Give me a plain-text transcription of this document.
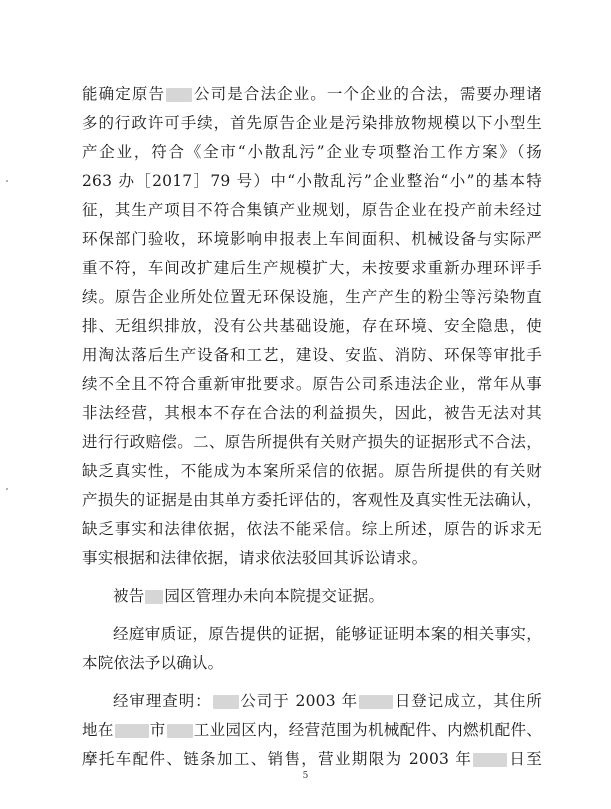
能确定原告 公司是合法企业。一个企业的合法，需要办理诸
多的行政许可手续，首先原告企业是污染排放物规模以下小型生
产企业，符合《全市“小散乱污”企业专项整治工作方案》（扬
263 办［2017］79 号）中“小散乱污”企业整治“小”的基本特
征，其生产项目不符合集镇产业规划，原告企业在投产前未经过
环保部门验收，环境影响申报表上车间面积、机械设备与实际严
重不符，车间改扩建后生产规模扩大，未按要求重新办理环评手
续。原告企业所处位置无环保设施，生产产生的粉尘等污染物直
排、无组织排放，没有公共基础设施，存在环境、安全隐患，使
用淘汰落后生产设备和工艺，建设、安监、消防、环保等审批手
续不全且不符合重新审批要求。原告公司系违法企业，常年从事
非法经营，其根本不存在合法的利益损失，因此，被告无法对其
进行行政赔偿。二、原告所提供有关财产损失的证据形式不合法，
缺乏真实性，不能成为本案所采信的依据。原告所提供的有关财
产损失的证据是由其单方委托评估的，客观性及真实性无法确认，
缺乏事实和法律依据，依法不能采信。综上所述，原告的诉求无
事实根据和法律依据，请求依法驳回其诉讼请求。
被告 园区管理办未向本院提交证据。
经庭审质证，原告提供的证据，能够证证明本案的相关事实，
本院依法予以确认。
经审理查明： 公司于 2003 年 日登记成立，其住所
地在 市 工业园区内，经营范围为机械配件、内燃机配件、
摩托车配件、链条加工、销售，营业期限为 2003 年 日至
5
